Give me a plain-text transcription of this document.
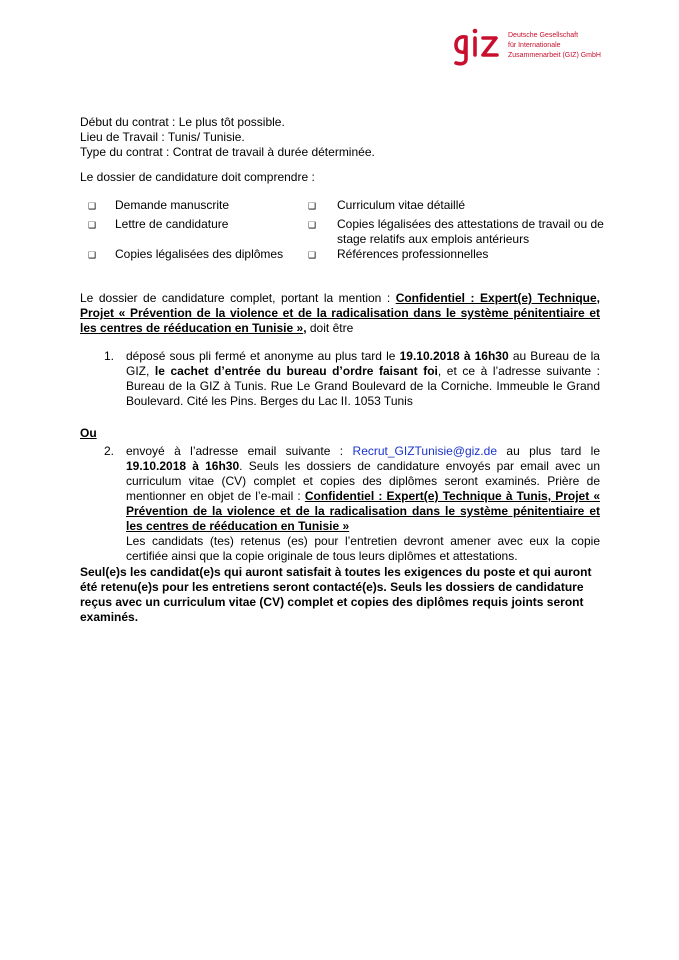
Deutsche Gesellschaft
für Internationale
Zusammenarbeit (GIZ) GmbH
Début du contrat : Le plus tôt possible.
Lieu de Travail : Tunis/ Tunisie.
Type du contrat : Contrat de travail à durée déterminée.
Le dossier de candidature doit comprendre :
❑ Demande manuscrite	❑ Curriculum vitae détaillé
❑ Lettre de candidature	❑ Copies légalisées des attestations de travail ou de stage relatifs aux emplois antérieurs
❑ Copies légalisées des diplômes	❑ Références professionnelles
Le dossier de candidature complet, portant la mention : Confidentiel : Expert(e) Technique, Projet « Prévention de la violence et de la radicalisation dans le système pénitentiaire et les centres de rééducation en Tunisie », doit être
1. déposé sous pli fermé et anonyme au plus tard le 19.10.2018 à 16h30 au Bureau de la GIZ, le cachet d’entrée du bureau d’ordre faisant foi, et ce à l’adresse suivante : Bureau de la GIZ à Tunis. Rue Le Grand Boulevard de la Corniche. Immeuble le Grand Boulevard. Cité les Pins. Berges du Lac II. 1053 Tunis
Ou
2. envoyé à l’adresse email suivante : Recrut_GIZTunisie@giz.de au plus tard le 19.10.2018 à 16h30. Seuls les dossiers de candidature envoyés par email avec un curriculum vitae (CV) complet et copies des diplômes seront examinés. Prière de mentionner en objet de l’e-mail : Confidentiel : Expert(e) Technique à Tunis, Projet « Prévention de la violence et de la radicalisation dans le système pénitentiaire et les centres de rééducation en Tunisie »
Les candidats (tes) retenus (es) pour l’entretien devront amener avec eux la copie certifiée ainsi que la copie originale de tous leurs diplômes et attestations.
Seul(e)s les candidat(e)s qui auront satisfait à toutes les exigences du poste et qui auront été retenu(e)s pour les entretiens seront contacté(e)s. Seuls les dossiers de candidature reçus avec un curriculum vitae (CV) complet et copies des diplômes requis joints seront examinés.
